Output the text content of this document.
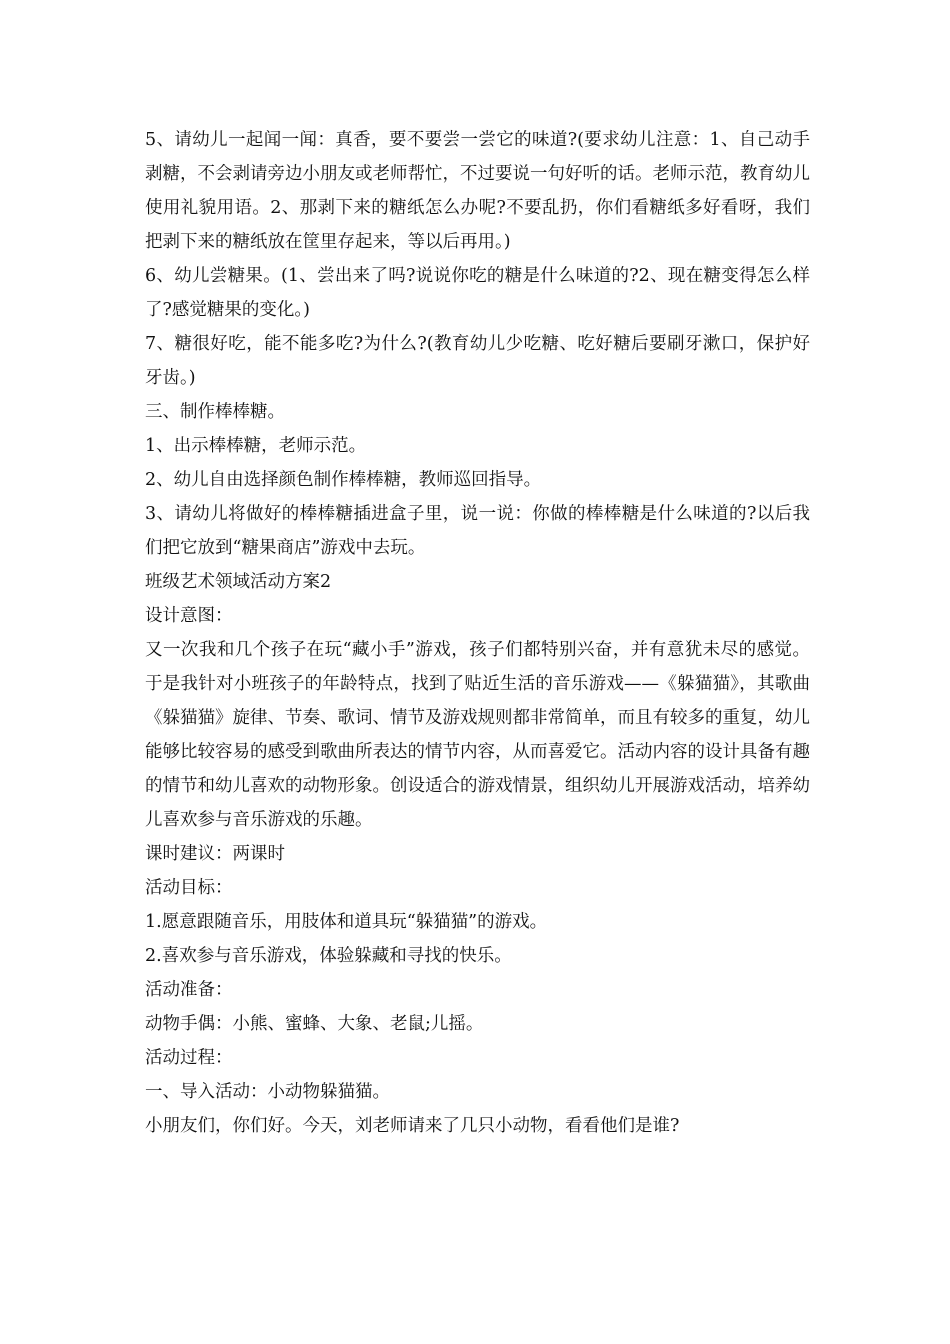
5、请幼儿一起闻一闻：真香，要不要尝一尝它的味道?(要求幼儿注意：1、自己动手剥糖，不会剥请旁边小朋友或老师帮忙，不过要说一句好听的话。老师示范，教育幼儿使用礼貌用语。2、那剥下来的糖纸怎么办呢?不要乱扔，你们看糖纸多好看呀，我们把剥下来的糖纸放在筐里存起来，等以后再用。)

6、幼儿尝糖果。(1、尝出来了吗?说说你吃的糖是什么味道的?2、现在糖变得怎么样了?感觉糖果的变化。)

7、糖很好吃，能不能多吃?为什么?(教育幼儿少吃糖、吃好糖后要刷牙漱口，保护好牙齿。)

三、制作棒棒糖。

1、出示棒棒糖，老师示范。

2、幼儿自由选择颜色制作棒棒糖，教师巡回指导。

3、请幼儿将做好的棒棒糖插进盒子里，说一说：你做的棒棒糖是什么味道的?以后我们把它放到“糖果商店”游戏中去玩。

班级艺术领域活动方案2

设计意图：

又一次我和几个孩子在玩“藏小手”游戏，孩子们都特别兴奋，并有意犹未尽的感觉。于是我针对小班孩子的年龄特点，找到了贴近生活的音乐游戏——《躲猫猫》，其歌曲《躲猫猫》旋律、节奏、歌词、情节及游戏规则都非常简单，而且有较多的重复，幼儿能够比较容易的感受到歌曲所表达的情节内容，从而喜爱它。活动内容的设计具备有趣的情节和幼儿喜欢的动物形象。创设适合的游戏情景，组织幼儿开展游戏活动，培养幼儿喜欢参与音乐游戏的乐趣。

课时建议：两课时

活动目标：

1.愿意跟随音乐，用肢体和道具玩“躲猫猫”的游戏。

2.喜欢参与音乐游戏，体验躲藏和寻找的快乐。

活动准备：

动物手偶：小熊、蜜蜂、大象、老鼠;儿摇。

活动过程：

一、导入活动：小动物躲猫猫。

小朋友们，你们好。今天，刘老师请来了几只小动物，看看他们是谁?
